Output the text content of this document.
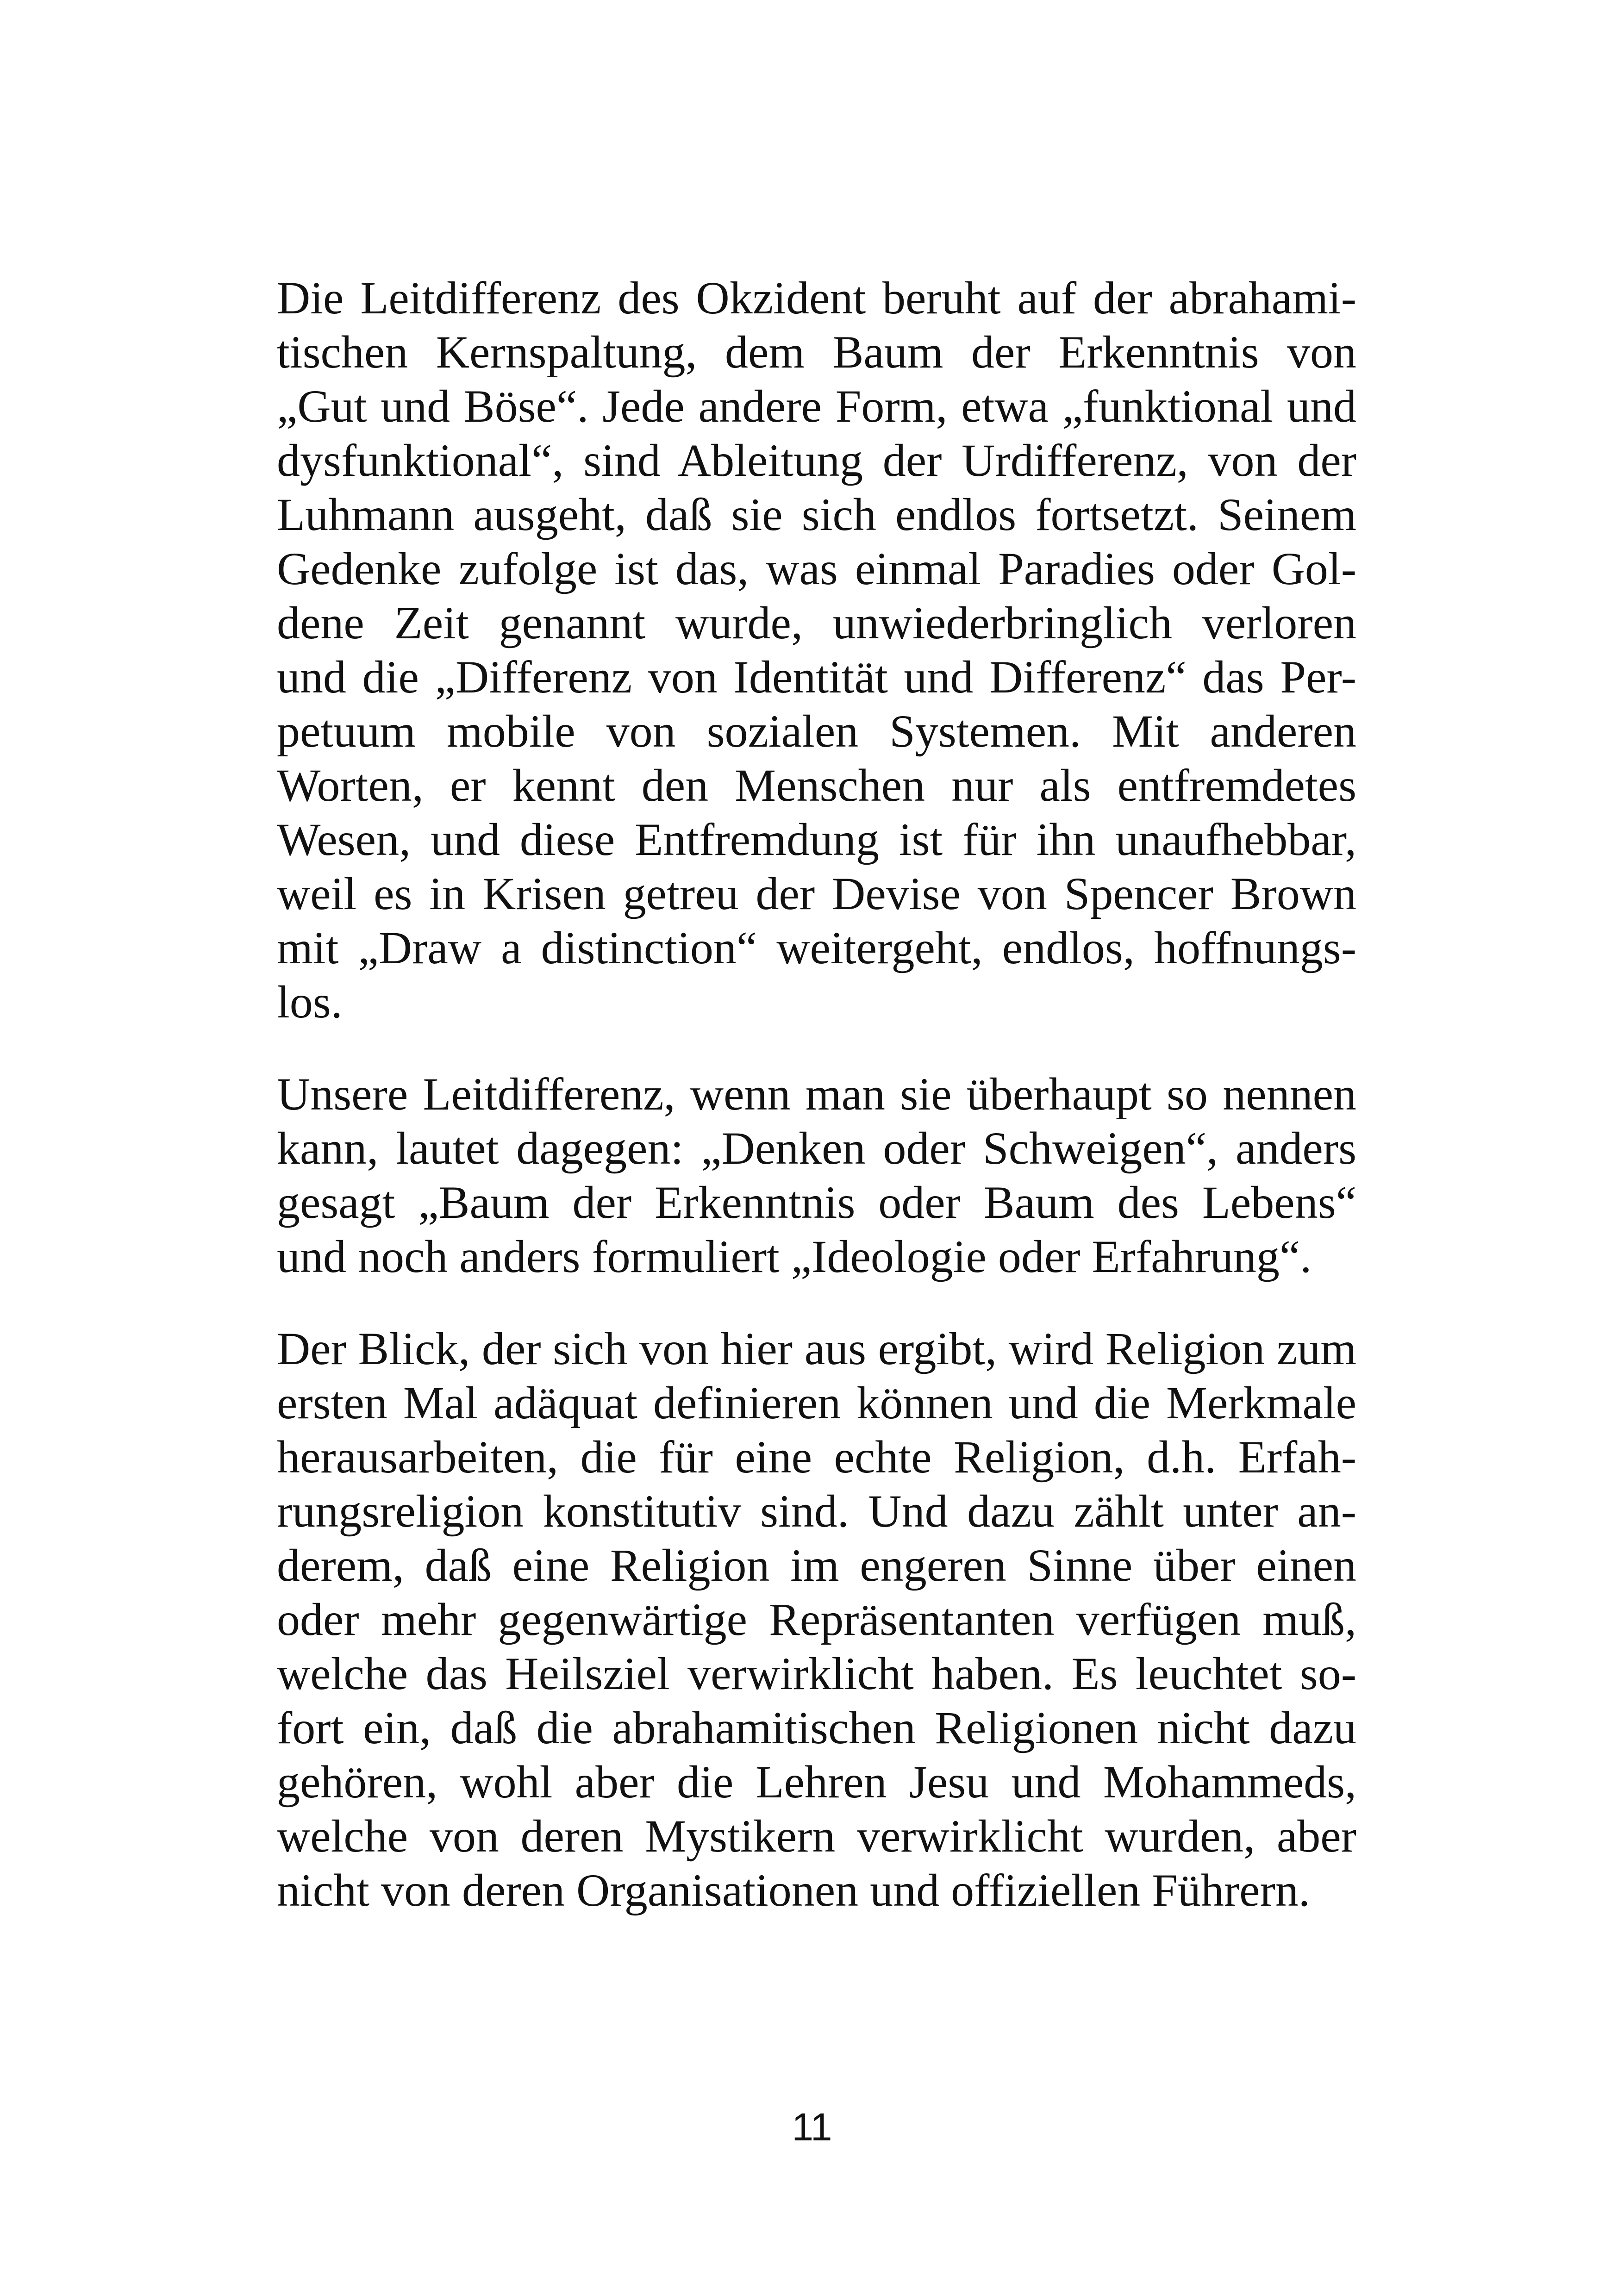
Die Leitdifferenz des Okzident beruht auf der abrahami-
tischen Kernspaltung, dem Baum der Erkenntnis von
„Gut und Böse“. Jede andere Form, etwa „funktional und
dysfunktional“, sind Ableitung der Urdifferenz, von der
Luhmann ausgeht, daß sie sich endlos fortsetzt. Seinem
Gedenke zufolge ist das, was einmal Paradies oder Gol-
dene Zeit genannt wurde, unwiederbringlich verloren
und die „Differenz von Identität und Differenz“ das Per-
petuum mobile von sozialen Systemen. Mit anderen
Worten, er kennt den Menschen nur als entfremdetes
Wesen, und diese Entfremdung ist für ihn unaufhebbar,
weil es in Krisen getreu der Devise von Spencer Brown
mit „Draw a distinction“ weitergeht, endlos, hoffnungs-
los.

Unsere Leitdifferenz, wenn man sie überhaupt so nennen
kann, lautet dagegen: „Denken oder Schweigen“, anders
gesagt „Baum der Erkenntnis oder Baum des Lebens“
und noch anders formuliert „Ideologie oder Erfahrung“.

Der Blick, der sich von hier aus ergibt, wird Religion zum
ersten Mal adäquat definieren können und die Merkmale
herausarbeiten, die für eine echte Religion, d.h. Erfah-
rungsreligion konstitutiv sind. Und dazu zählt unter an-
derem, daß eine Religion im engeren Sinne über einen
oder mehr gegenwärtige Repräsentanten verfügen muß,
welche das Heilsziel verwirklicht haben. Es leuchtet so-
fort ein, daß die abrahamitischen Religionen nicht dazu
gehören, wohl aber die Lehren Jesu und Mohammeds,
welche von deren Mystikern verwirklicht wurden, aber
nicht von deren Organisationen und offiziellen Führern.

11
